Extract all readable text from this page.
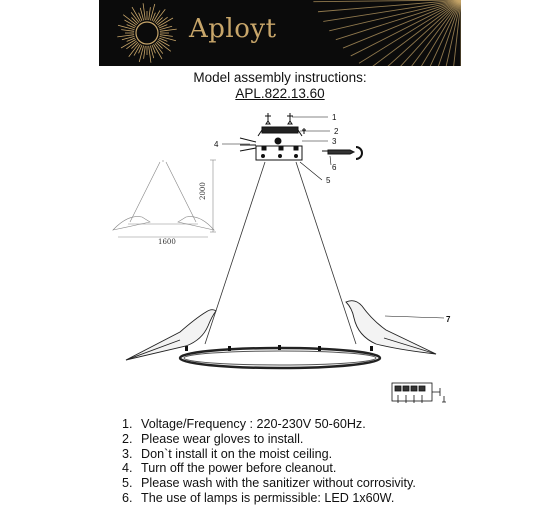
Aployt
Model assembly instructions:
APL.822.13.60
2000
1600
1
2
3
4
5
6
7
1. Voltage/Frequency : 220-230V 50-60Hz.
2. Please wear gloves to install.
3. Don`t install it on the moist ceiling.
4. Turn off the power before cleanout.
5. Please wash with the sanitizer without corrosivity.
6. The use of lamps is permissible: LED 1x60W.
